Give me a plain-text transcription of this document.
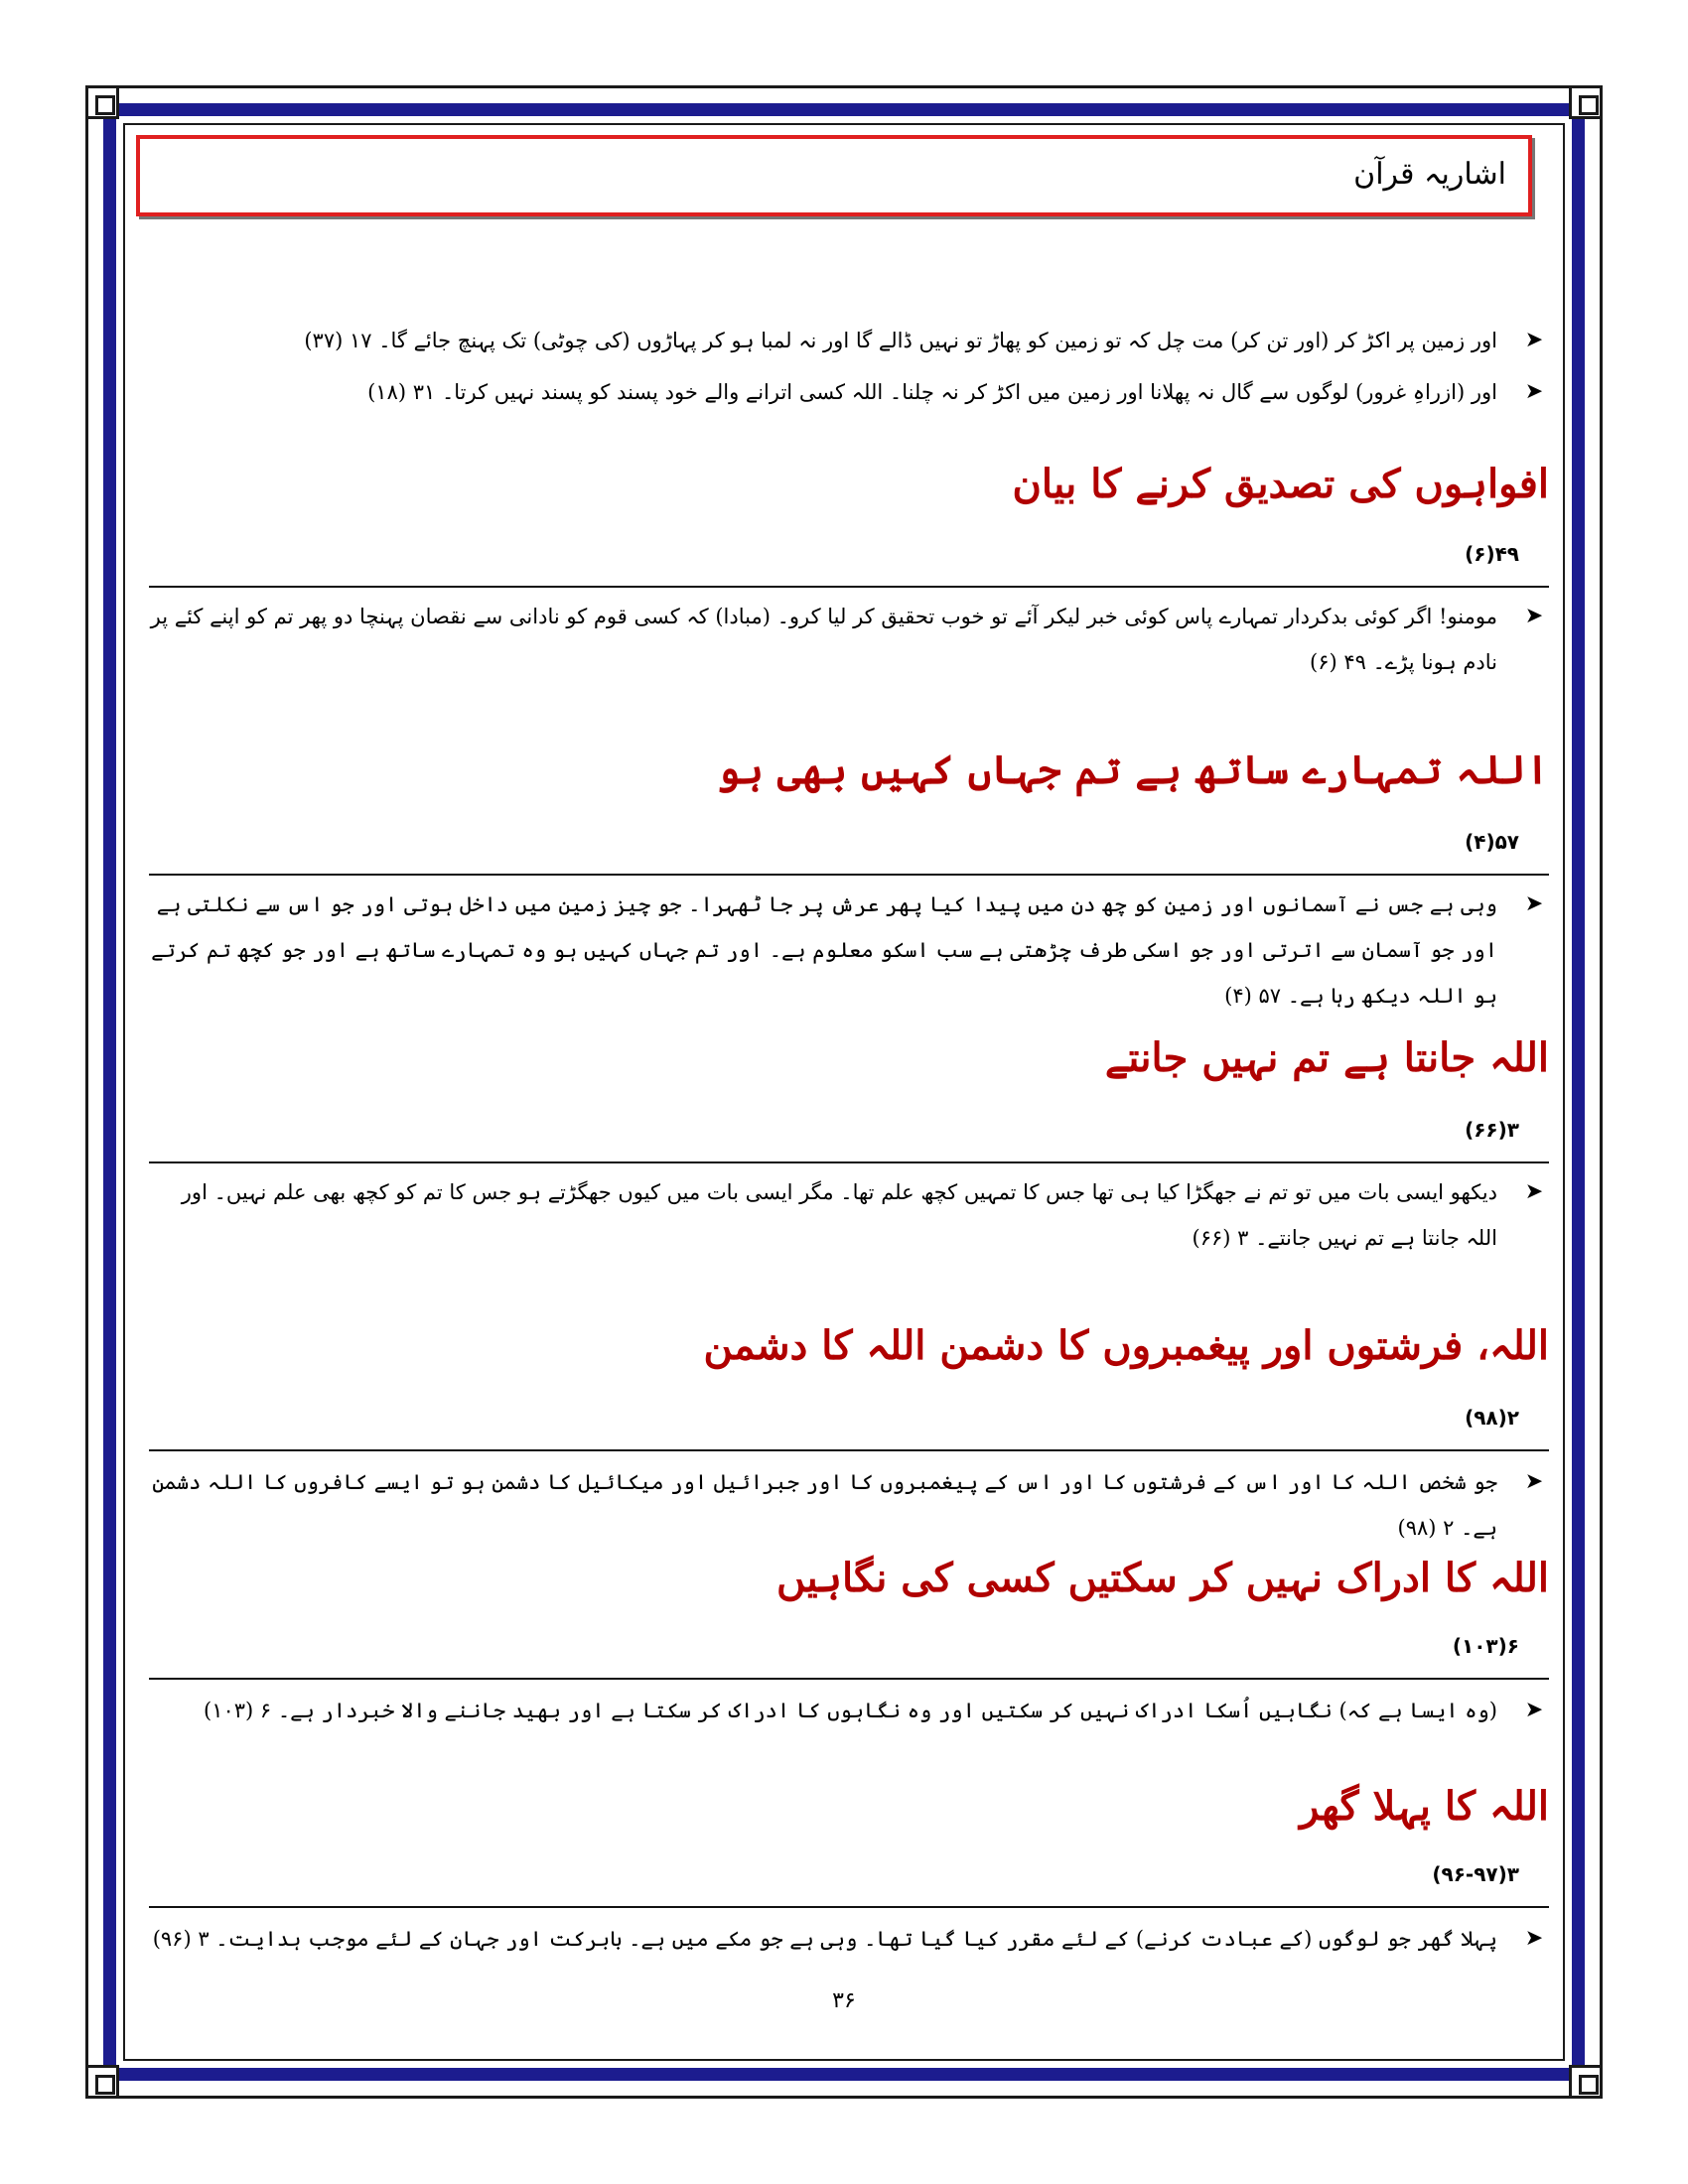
اشاریہ قرآن
➤
اور زمین پر اکڑ کر (اور تن کر) مت چل کہ تو زمین کو پھاڑ تو نہیں ڈالے گا اور نہ لمبا ہو کر پہاڑوں (کی چوٹی) تک پہنچ جائے گا۔ ۱۷ (۳۷)
➤
اور (ازراہِ غرور) لوگوں سے گال نہ پھلانا اور زمین میں اکڑ کر نہ چلنا۔ اللہ کسی اترانے والے خود پسند کو پسند نہیں کرتا۔ ۳۱ (۱۸)
افواہوں کی تصدیق کرنے کا بیان
۴۹(۶)
➤
مومنو! اگر کوئی بدکردار تمہارے پاس کوئی خبر لیکر آئے تو خوب تحقیق کر لیا کرو۔ (مبادا) کہ کسی قوم کو نادانی سے نقصان پہنچا دو پھر تم کو اپنے کئے پر نادم ہونا پڑے۔ ۴۹ (۶)
اللہ تمہارے ساتھ ہے تم جہاں کہیں بھی ہو
۵۷(۴)
➤
وہی ہے جس نے آسمانوں اور زمین کو چھ دن میں پیدا کیا پھر عرش پر جا ٹھہرا۔ جو چیز زمین میں داخل ہوتی اور جو اس سے نکلتی ہے اور جو آسمان سے اترتی اور جو اسکی طرف چڑھتی ہے سب اسکو معلوم ہے۔ اور تم جہاں کہیں ہو وہ تمہارے ساتھ ہے اور جو کچھ تم کرتے ہو اللہ دیکھ رہا ہے۔ ۵۷ (۴)
اللہ جانتا ہے تم نہیں جانتے
۳(۶۶)
➤
دیکھو ایسی بات میں تو تم نے جھگڑا کیا ہی تھا جس کا تمہیں کچھ علم تھا۔ مگر ایسی بات میں کیوں جھگڑتے ہو جس کا تم کو کچھ بھی علم نہیں۔ اور اللہ جانتا ہے تم نہیں جانتے۔ ۳ (۶۶)
اللہ، فرشتوں اور پیغمبروں کا دشمن اللہ کا دشمن
۲(۹۸)
➤
جو شخص اللہ کا اور اس کے فرشتوں کا اور اس کے پیغمبروں کا اور جبرائیل اور میکائیل کا دشمن ہو تو ایسے کافروں کا اللہ دشمن ہے۔ ۲ (۹۸)
اللہ کا ادراک نہیں کر سکتیں کسی کی نگاہیں
۶(۱۰۳)
➤
(وہ ایسا ہے کہ) نگاہیں اُسکا ادراک نہیں کر سکتیں اور وہ نگاہوں کا ادراک کر سکتا ہے اور بھید جاننے والا خبردار ہے۔ ۶ (۱۰۳)
اللہ کا پہلا گھر
۳(۹۶-۹۷)
➤
پہلا گھر جو لوگوں (کے عبادت کرنے) کے لئے مقرر کیا گیا تھا۔ وہی ہے جو مکے میں ہے۔ بابرکت اور جہان کے لئے موجب ہدایت۔ ۳ (۹۶)
۳۶
